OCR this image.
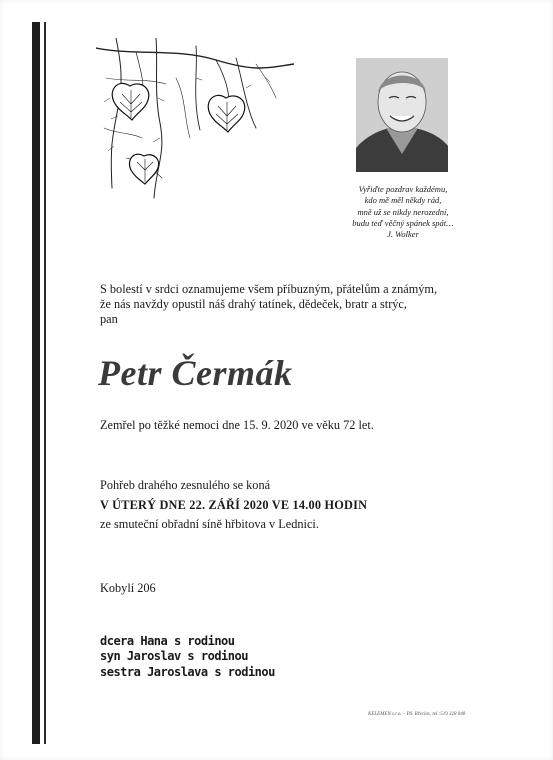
Vyřiďte pozdrav každému,
kdo mě měl někdy rád,
mně už se nikdy nerozední,
budu teď věčný spánek spát…
J. Wolker
S bolestí v srdci oznamujeme všem příbuzným, přátelům a známým,
že nás navždy opustil náš drahý tatínek, dědeček, bratr a strýc,
pan
Petr Čermák
Zemřel po těžké nemoci dne 15. 9. 2020 ve věku 72 let.
Pohřeb drahého zesnulého se koná
V ÚTERÝ DNE 22. ZÁŘÍ 2020 VE 14.00 HODIN
ze smuteční obřadní síně hřbitova v Lednici.
Kobylí 206
dcera Hana s rodinou
syn Jaroslav s rodinou
sestra Jaroslava s rodinou
KELEMEN s.r.o. – PS. Břeclav, tel.:519 328 048
